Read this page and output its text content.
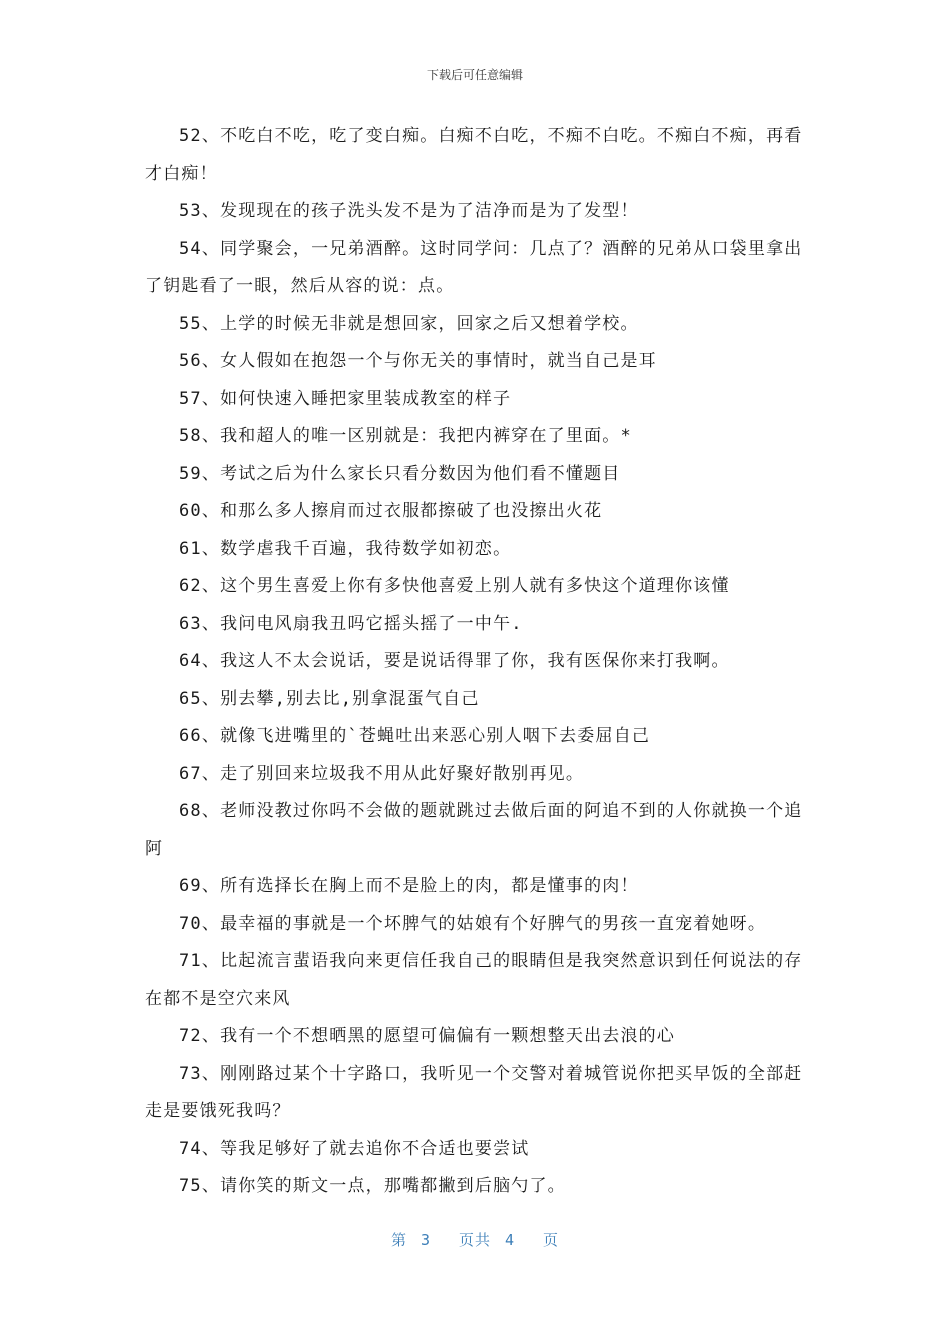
下载后可任意编辑

52、不吃白不吃，吃了变白痴。白痴不白吃，不痴不白吃。不痴白不痴，再看才白痴！

53、发现现在的孩子洗头发不是为了洁净而是为了发型！

54、同学聚会，一兄弟酒醉。这时同学问：几点了？酒醉的兄弟从口袋里拿出了钥匙看了一眼，然后从容的说：点。

55、上学的时候无非就是想回家，回家之后又想着学校。

56、女人假如在抱怨一个与你无关的事情时，就当自己是耳

57、如何快速入睡把家里装成教室的样子

58、我和超人的唯一区别就是：我把内裤穿在了里面。*

59、考试之后为什么家长只看分数因为他们看不懂题目

60、和那么多人擦肩而过衣服都擦破了也没擦出火花

61、数学虐我千百遍，我待数学如初恋。

62、这个男生喜爱上你有多快他喜爱上别人就有多快这个道理你该懂

63、我问电风扇我丑吗它摇头摇了一中午.

64、我这人不太会说话，要是说话得罪了你，我有医保你来打我啊。

65、别去攀,别去比,别拿混蛋气自己

66、就像飞进嘴里的`苍蝇吐出来恶心别人咽下去委屈自己

67、走了别回来垃圾我不用从此好聚好散别再见。

68、老师没教过你吗不会做的题就跳过去做后面的阿追不到的人你就换一个追阿

69、所有选择长在胸上而不是脸上的肉，都是懂事的肉！

70、最幸福的事就是一个坏脾气的姑娘有个好脾气的男孩一直宠着她呀。

71、比起流言蜚语我向来更信任我自己的眼睛但是我突然意识到任何说法的存在都不是空穴来风

72、我有一个不想晒黑的愿望可偏偏有一颗想整天出去浪的心

73、刚刚路过某个十字路口，我听见一个交警对着城管说你把买早饭的全部赶走是要饿死我吗？

74、等我足够好了就去追你不合适也要尝试

75、请你笑的斯文一点，那嘴都撇到后脑勺了。

第 3 页共 4 页
